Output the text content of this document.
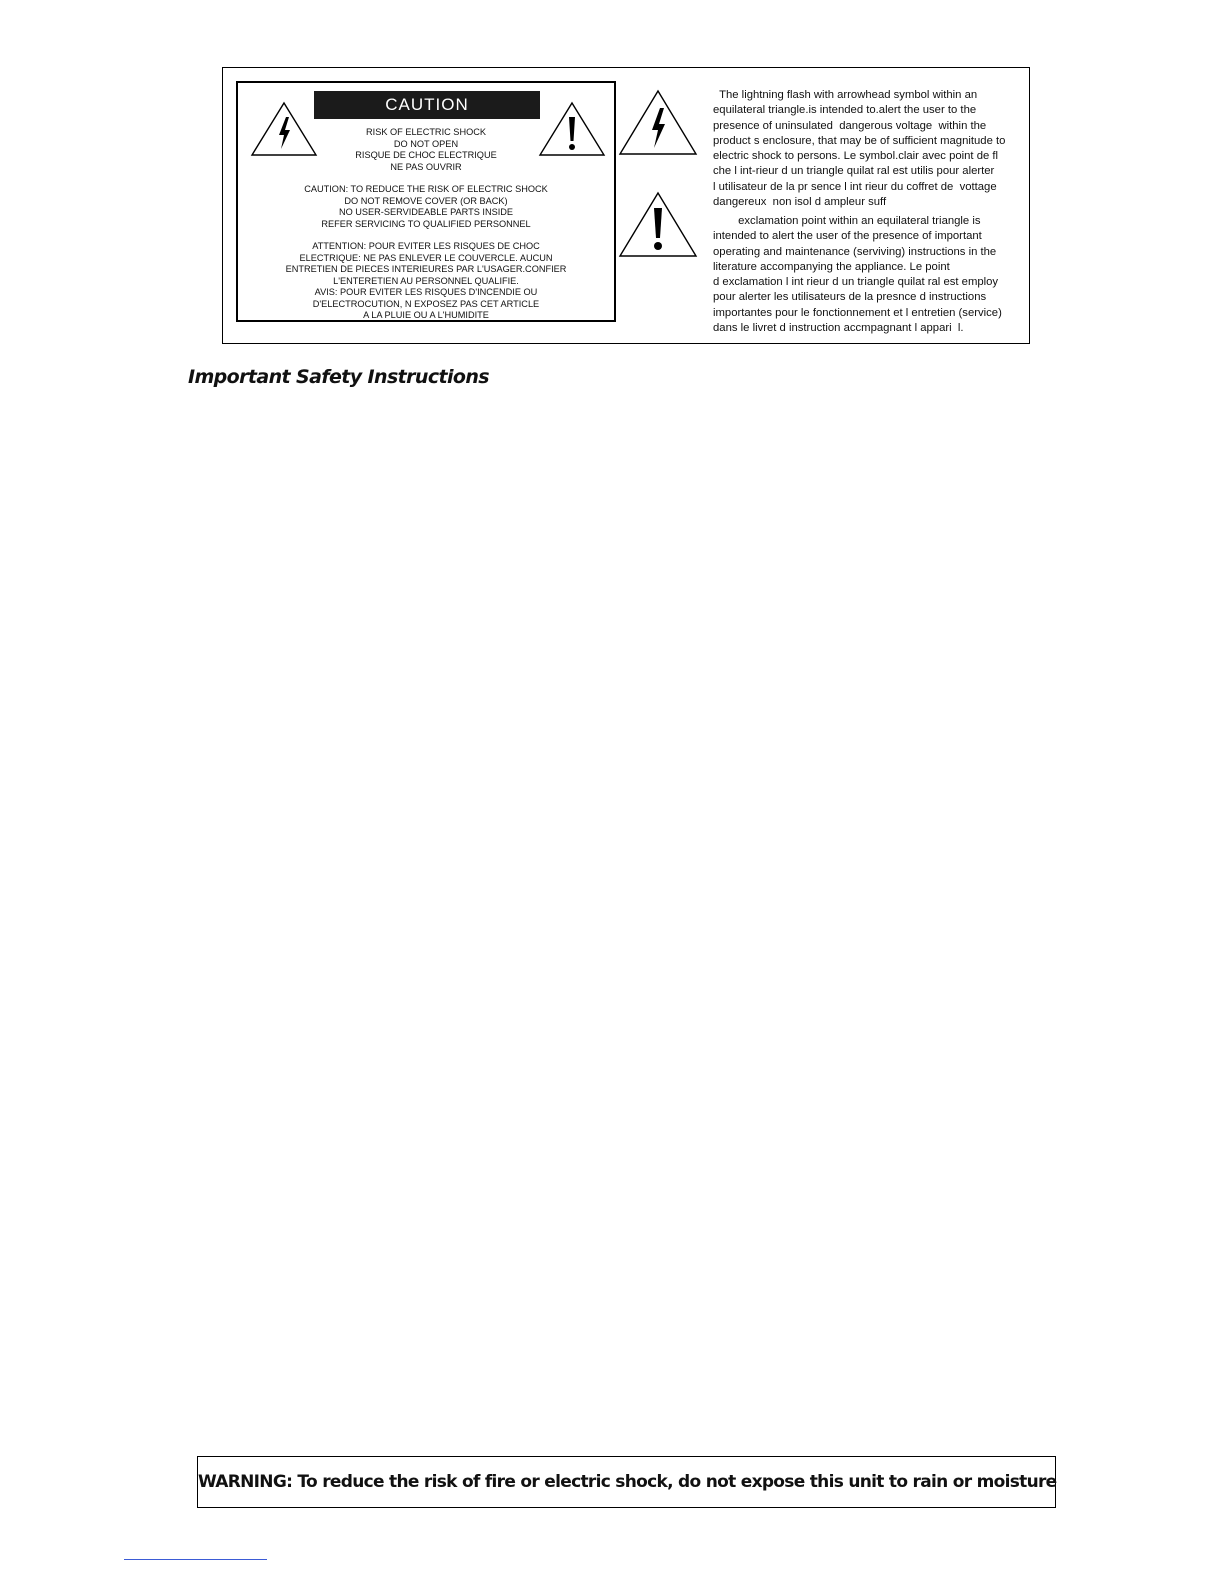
CAUTION
RISK OF ELECTRIC SHOCK
DO NOT OPEN
RISQUE DE CHOC ELECTRIQUE
NE PAS OUVRIR
CAUTION: TO REDUCE THE RISK OF ELECTRIC SHOCK
DO NOT REMOVE COVER (OR BACK)
NO USER-SERVIDEABLE PARTS INSIDE
REFER SERVICING TO QUALIFIED PERSONNEL
ATTENTION: POUR EVITER LES RISQUES DE CHOC
ELECTRIQUE: NE PAS ENLEVER LE COUVERCLE. AUCUN
ENTRETIEN DE PIECES INTERIEURES PAR L'USAGER.CONFIER
L'ENTERETIEN AU PERSONNEL QUALIFIE.
AVIS: POUR EVITER LES RISQUES D'INCENDIE OU
D'ELECTROCUTION, N EXPOSEZ PAS CET ARTICLE
A LA PLUIE OU A L'HUMIDITE
The lightning flash with arrowhead symbol within an
equilateral triangle.is intended to.alert the user to the
presence of uninsulated  dangerous voltage  within the
product s enclosure, that may be of sufficient magnitude to
electric shock to persons. Le symbol.clair avec point de fl
che l int-rieur d un triangle quilat ral est utilis pour alerter
l utilisateur de la pr sence l int rieur du coffret de  vottage
dangereux  non isol d ampleur suff
exclamation point within an equilateral triangle is
intended to alert the user of the presence of important
operating and maintenance (serviving) instructions in the
literature accompanying the appliance. Le point
d exclamation l int rieur d un triangle quilat ral est employ
pour alerter les utilisateurs de la presnce d instructions
importantes pour le fonctionnement et l entretien (service)
dans le livret d instruction accmpagnant l appari  l.
Important Safety Instructions
WARNING: To reduce the risk of fire or electric shock, do not expose this unit to rain or moisture
